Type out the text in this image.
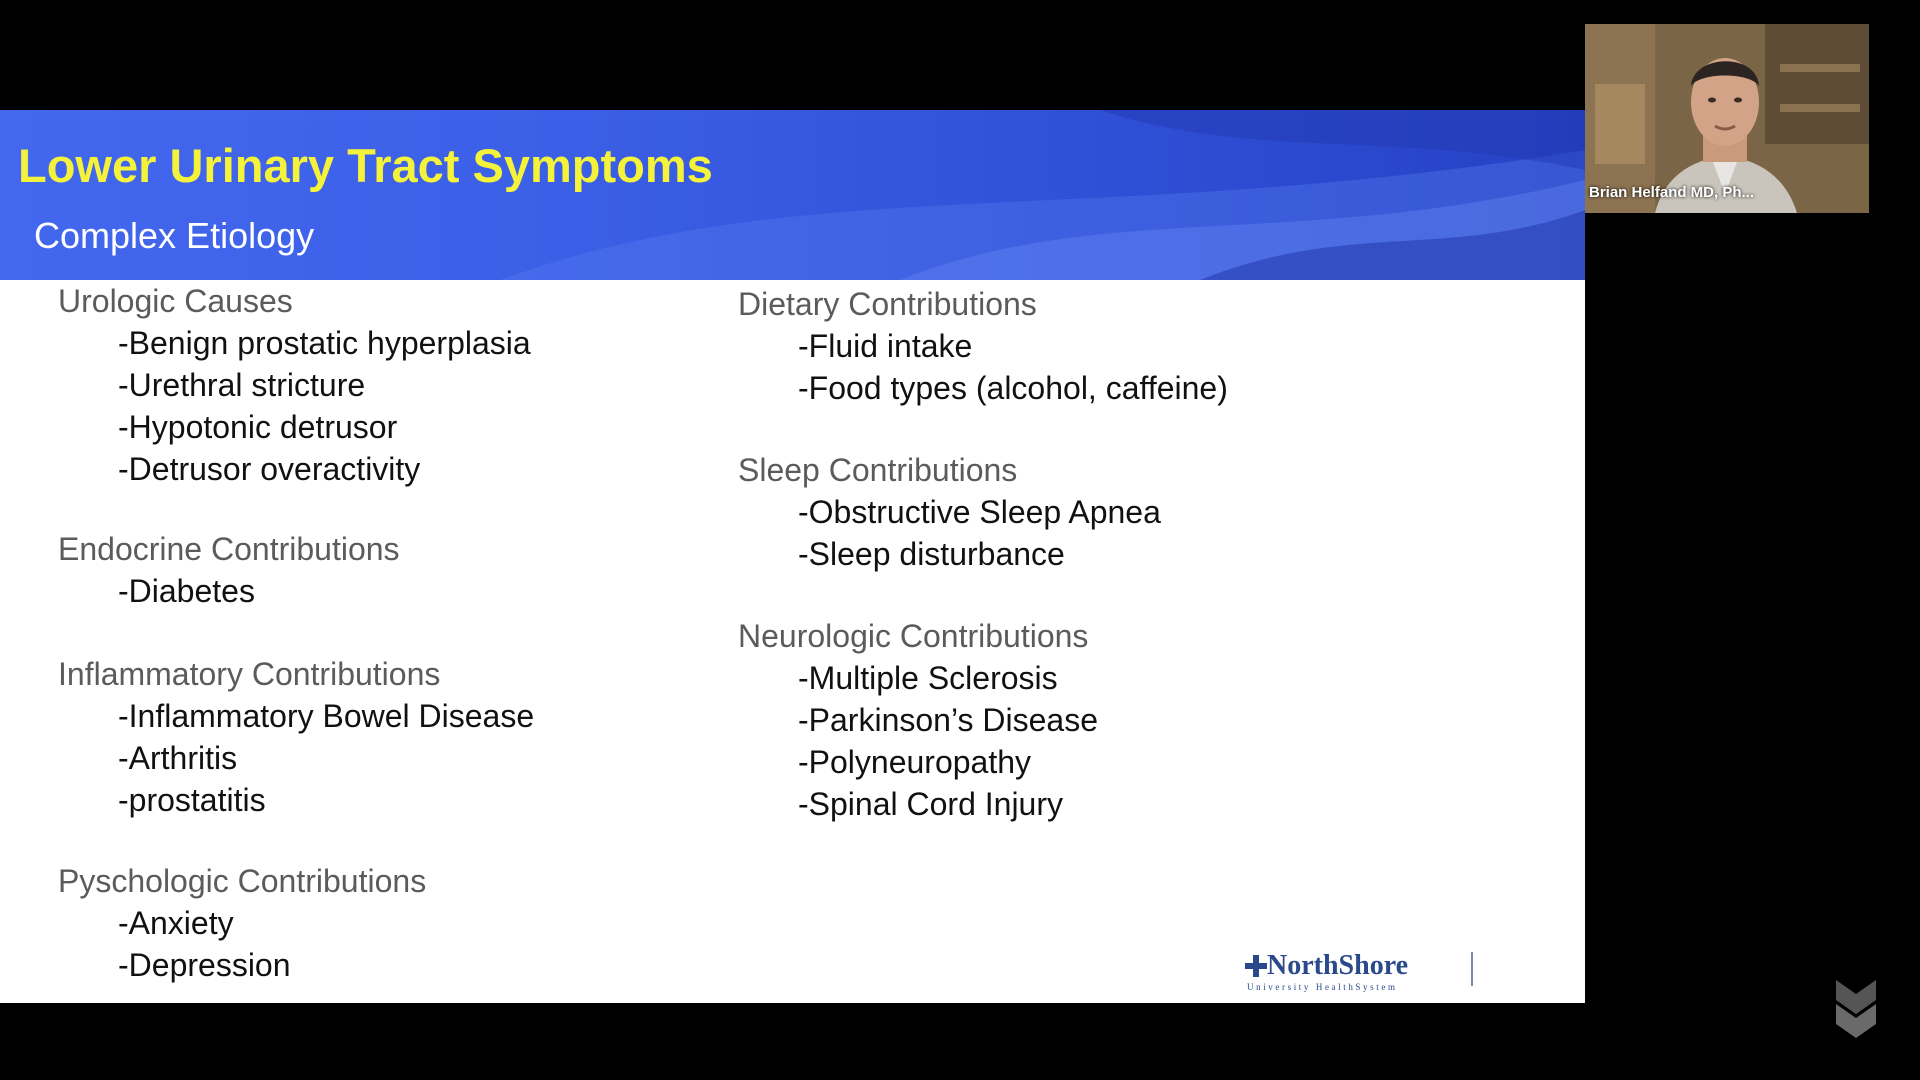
Lower Urinary Tract Symptoms
Complex Etiology
Urologic Causes
-Benign prostatic hyperplasia
-Urethral stricture
-Hypotonic detrusor
-Detrusor overactivity
Endocrine Contributions
-Diabetes
Inflammatory Contributions
-Inflammatory Bowel Disease
-Arthritis
-prostatitis
Pyschologic Contributions
-Anxiety
-Depression
Dietary Contributions
-Fluid intake
-Food types (alcohol, caffeine)
Sleep Contributions
-Obstructive Sleep Apnea
-Sleep disturbance
Neurologic Contributions
-Multiple Sclerosis
-Parkinson’s Disease
-Polyneuropathy
-Spinal Cord Injury
NorthShore
University HealthSystem
Brian Helfand MD, Ph...
